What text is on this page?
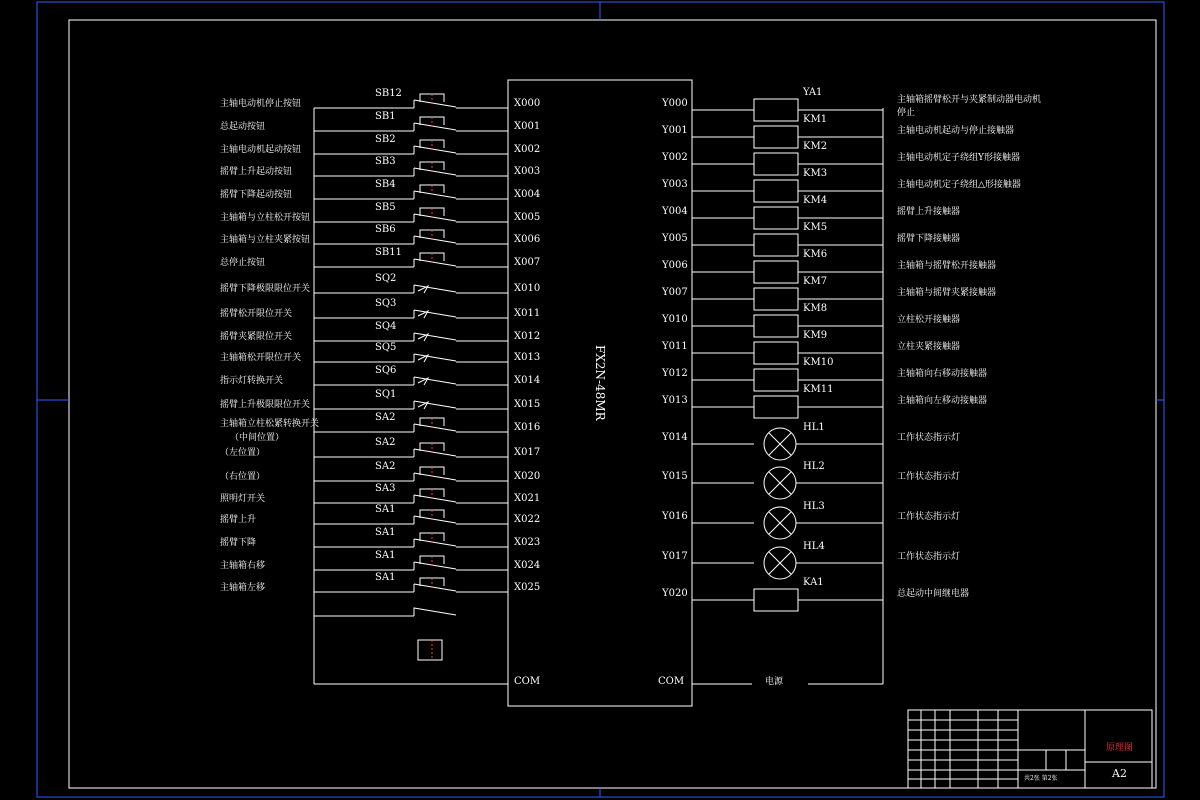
FX2N-48MR
COM	COM	电源
主轴电动机停止按钮
SB12
X000
总起动按钮
SB1
X001
主轴电动机起动按钮
SB2
X002
摇臂上升起动按钮
SB3
X003
摇臂下降起动按钮
SB4
X004
主轴箱与立柱松开按钮
SB5
X005
主轴箱与立柱夹紧按钮
SB6
X006
总停止按钮
SB11
X007
摇臂下降极限限位开关
SQ2
X010
摇臂松开限位开关
SQ3
X011
摇臂夹紧限位开关
SQ4
X012
主轴箱松开限位开关
SQ5
X013
指示灯转换开关
SQ6
X014
摇臂上升极限限位开关
SQ1
X015
主轴箱立柱松紧转换开关
（中间位置）
SA2
X016
（左位置）
SA2
X017
（右位置）
SA2
X020
照明灯开关
SA3
X021
摇臂上升
SA1
X022
摇臂下降
SA1
X023
主轴箱右移
SA1
X024
主轴箱左移
SA1
X025
Y000
YA1
主轴箱摇臂松开与夹紧制动器电动机
停止
Y001
KM1
主轴电动机起动与停止接触器
Y002
KM2
主轴电动机定子绕组Y形接触器
Y003
KM3
主轴电动机定子绕组△形接触器
Y004
KM4
摇臂上升接触器
Y005
KM5
摇臂下降接触器
Y006
KM6
主轴箱与摇臂松开接触器
Y007
KM7
主轴箱与摇臂夹紧接触器
Y010
KM8
立柱松开接触器
Y011
KM9
立柱夹紧接触器
Y012
KM10
主轴箱向右移动接触器
Y013
KM11
主轴箱向左移动接触器
Y014
HL1
工作状态指示灯
Y015
HL2
工作状态指示灯
Y016
HL3
工作状态指示灯
Y017
HL4
工作状态指示灯
Y020
KA1
总起动中间继电器
原理图
A2
共2张 第2张
